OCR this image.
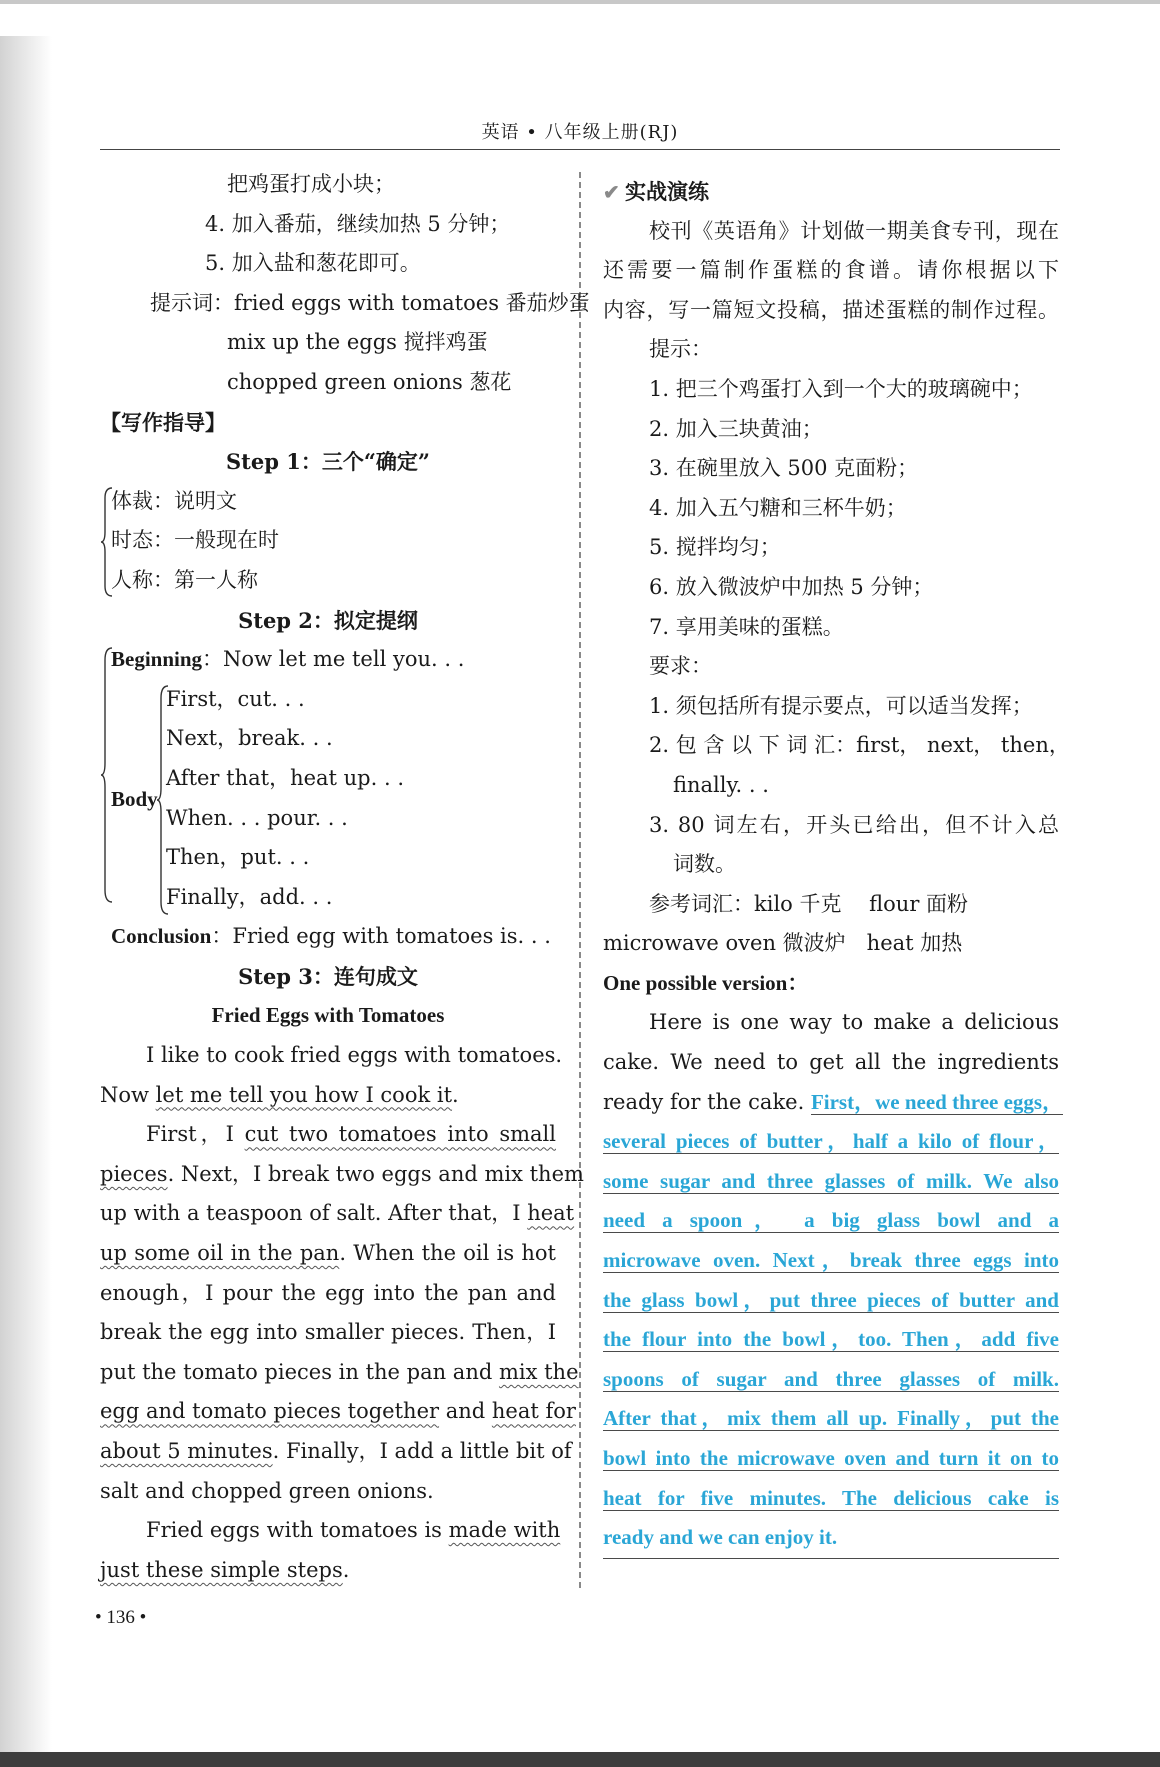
英语 • 八年级上册(RJ)
把鸡蛋打成小块；
4. 加入番茄，继续加热 5 分钟；
5. 加入盐和葱花即可。
提示词：fried eggs with tomatoes 番茄炒蛋
mix up the eggs 搅拌鸡蛋
chopped green onions 葱花
【写作指导】
Step 1：三个“确定”
体裁：说明文
时态：一般现在时
人称：第一人称
Step 2：拟定提纲
Beginning：Now let me tell you. . .
Body
First，cut. . .
Next，break. . .
After that，heat up. . .
When. . . pour. . .
Then，put. . .
Finally，add. . .
Conclusion：Fried egg with tomatoes is. . .
Step 3：连句成文
Fried Eggs with Tomatoes
I like to cook fried eggs with tomatoes.
Now let me tell you how I cook it.
First，I cut two tomatoes into small
pieces. Next，I break two eggs and mix them
up with a teaspoon of salt. After that，I heat
up some oil in the pan. When the oil is hot
enough，I pour the egg into the pan and
break the egg into smaller pieces. Then，I
put the tomato pieces in the pan and mix the
egg and tomato pieces together and heat for
about 5 minutes. Finally，I add a little bit of
salt and chopped green onions.
Fried eggs with tomatoes is made with
just these simple steps.
• 136 •
✔ 实战演练
校刊《英语角》计划做一期美食专刊，现在
还需要一篇制作蛋糕的食谱。请你根据以下
内容，写一篇短文投稿，描述蛋糕的制作过程。
提示：
1. 把三个鸡蛋打入到一个大的玻璃碗中；
2. 加入三块黄油；
3. 在碗里放入 500 克面粉；
4. 加入五勺糖和三杯牛奶；
5. 搅拌均匀；
6. 放入微波炉中加热 5 分钟；
7. 享用美味的蛋糕。
要求：
1. 须包括所有提示要点，可以适当发挥；
2. 包 含 以 下 词 汇：first， next， then，
finally. . .
3. 80 词左右，开头已给出，但不计入总
词数。
参考词汇：kilo 千克　 flour 面粉
microwave oven 微波炉　heat 加热
One possible version：
Here is one way to make a delicious
cake. We need to get all the ingredients
ready for the cake. First，we need three eggs，
several pieces of butter，half a kilo of flour，
some sugar and three glasses of milk. We also
need a spoon， a big glass bowl and a
microwave oven. Next，break three eggs into
the glass bowl，put three pieces of butter and
the flour into the bowl，too. Then，add five
spoons of sugar and three glasses of milk.
After that，mix them all up. Finally，put the
bowl into the microwave oven and turn it on to
heat for five minutes. The delicious cake is
ready and we can enjoy it.
